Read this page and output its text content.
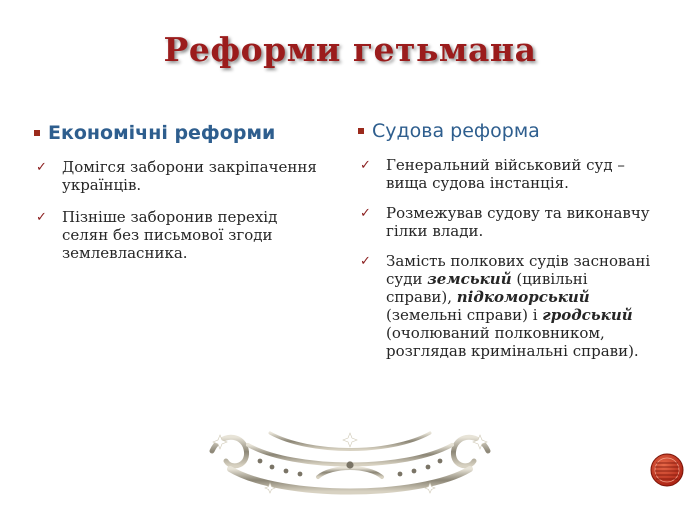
Реформи гетьмана
Економічні реформи
✓ Домігся заборони закріпачення українців.
✓ Пізніше заборонив перехід селян без письмової згоди землевласника.
Судова реформа
✓ Генеральний військовий суд – вища судова інстанція.
✓ Розмежував судову та виконавчу гілки влади.
✓ Замість полкових судів засновані суди земський (цивільні справи), підкоморський (земельні справи) і гродський (очолюваний полковником, розглядав кримінальні справи).
